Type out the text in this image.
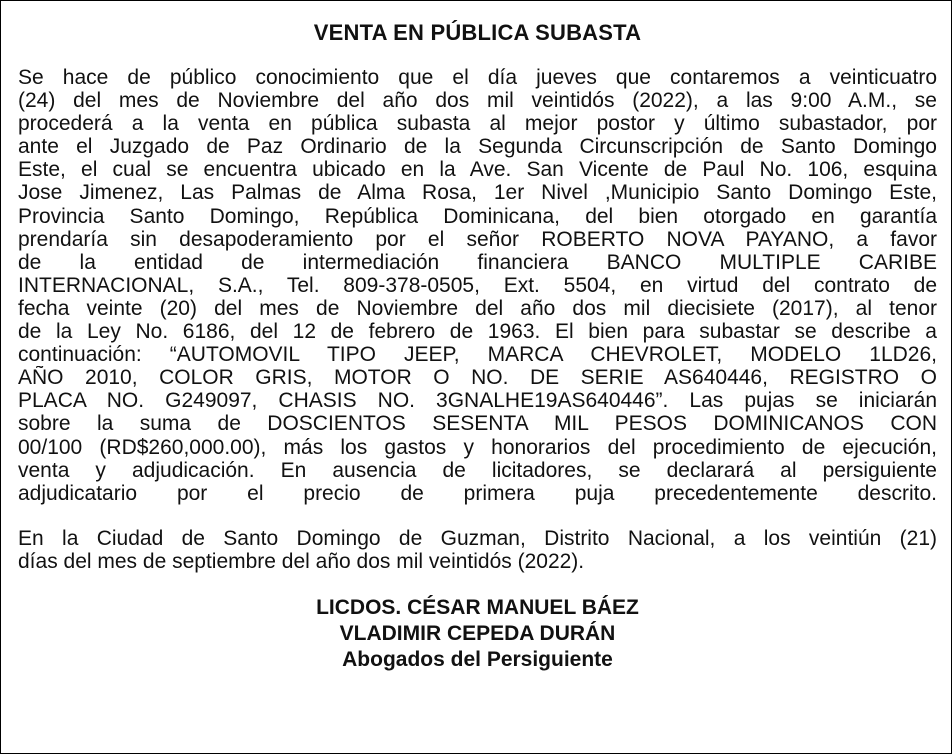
VENTA EN PÚBLICA SUBASTA
Se hace de público conocimiento que el día jueves que contaremos a veinticuatro
(24) del mes de Noviembre del año dos mil veintidós (2022), a las 9:00 A.M., se
procederá a la venta en pública subasta al mejor postor y último subastador, por
ante el Juzgado de Paz Ordinario de la Segunda Circunscripción de Santo Domingo
Este, el cual se encuentra ubicado en la Ave. San Vicente de Paul No. 106, esquina
Jose Jimenez, Las Palmas de Alma Rosa, 1er Nivel ,Municipio Santo Domingo Este,
Provincia Santo Domingo, República Dominicana, del bien otorgado en garantía
prendaría sin desapoderamiento por el señor ROBERTO NOVA PAYANO, a favor
de la entidad de intermediación financiera BANCO MULTIPLE CARIBE
INTERNACIONAL, S.A., Tel. 809-378-0505, Ext. 5504, en virtud del contrato de
fecha veinte (20) del mes de Noviembre del año dos mil diecisiete (2017), al tenor
de la Ley No. 6186, del 12 de febrero de 1963. El bien para subastar se describe a
continuación: “AUTOMOVIL TIPO JEEP, MARCA CHEVROLET, MODELO 1LD26,
AÑO 2010, COLOR GRIS, MOTOR O NO. DE SERIE AS640446, REGISTRO O
PLACA NO. G249097, CHASIS NO. 3GNALHE19AS640446”. Las pujas se iniciarán
sobre la suma de DOSCIENTOS SESENTA MIL PESOS DOMINICANOS CON
00/100 (RD$260,000.00), más los gastos y honorarios del procedimiento de ejecución,
venta y adjudicación. En ausencia de licitadores, se declarará al persiguiente
adjudicatario por el precio de primera puja precedentemente descrito.
En la Ciudad de Santo Domingo de Guzman, Distrito Nacional, a los veintiún (21)
días del mes de septiembre del año dos mil veintidós (2022).
LICDOS. CÉSAR MANUEL BÁEZ
VLADIMIR CEPEDA DURÁN
Abogados del Persiguiente
